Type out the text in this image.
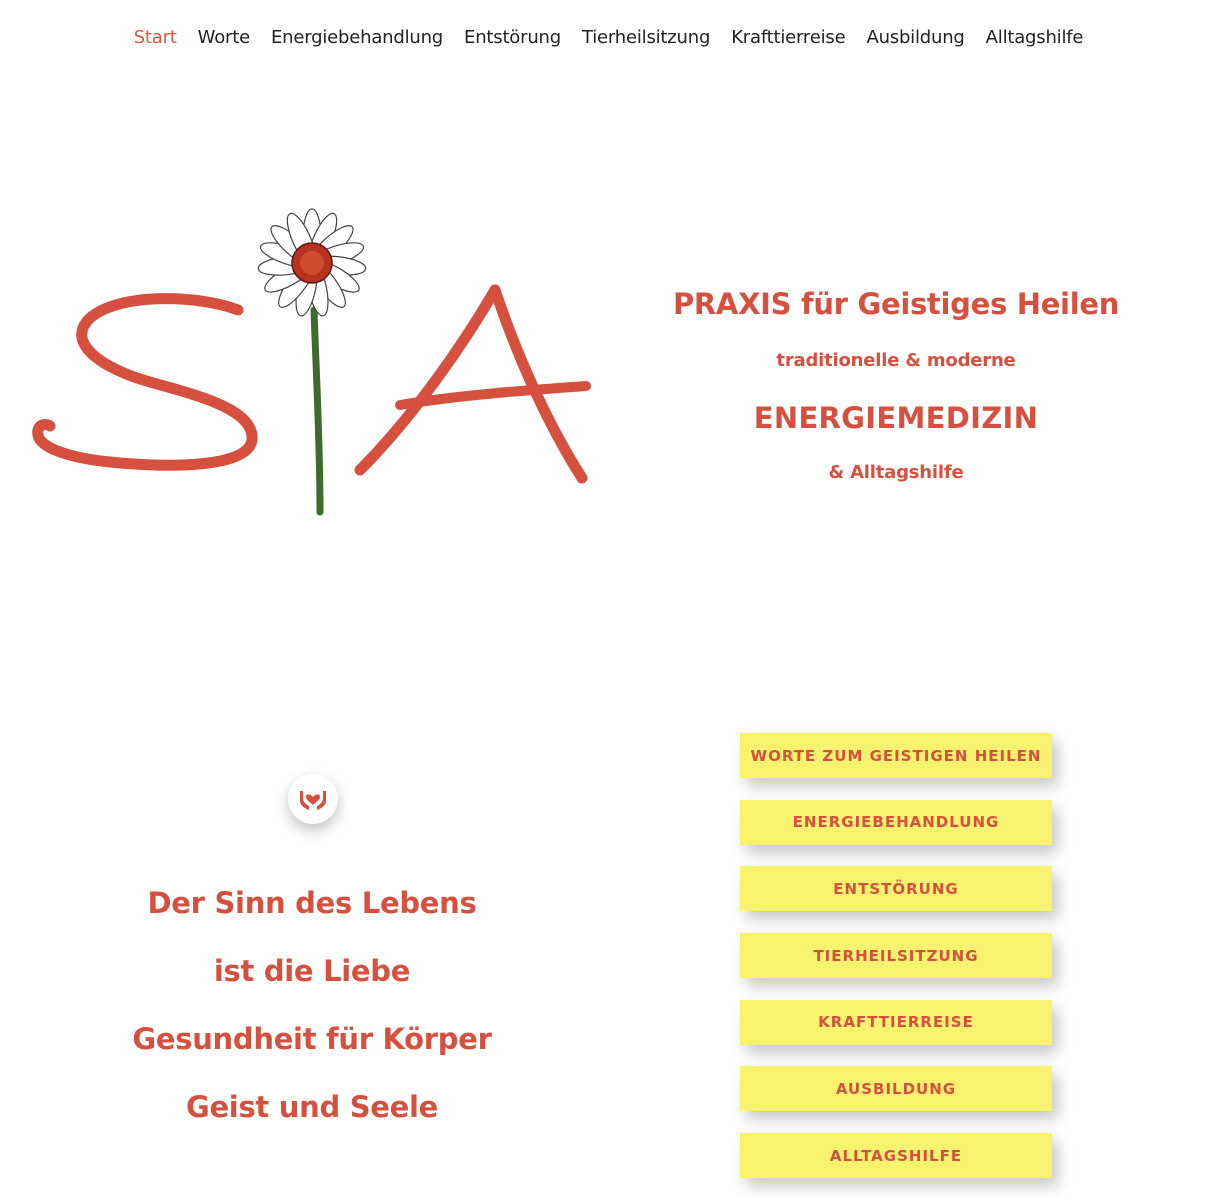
Start Worte Energiebehandlung Entstörung Tierheilsitzung Krafttierreise Ausbildung Alltagshilfe

PRAXIS für Geistiges Heilen

traditionelle & moderne

ENERGIEMEDIZIN

& Alltagshilfe

Der Sinn des Lebens
ist die Liebe
Gesundheit für Körper
Geist und Seele
WORTE ZUM GEISTIGEN HEILEN
ENERGIEBEHANDLUNG
ENTSTÖRUNG
TIERHEILSITZUNG
KRAFTTIERREISE
AUSBILDUNG
ALLTAGSHILFE
